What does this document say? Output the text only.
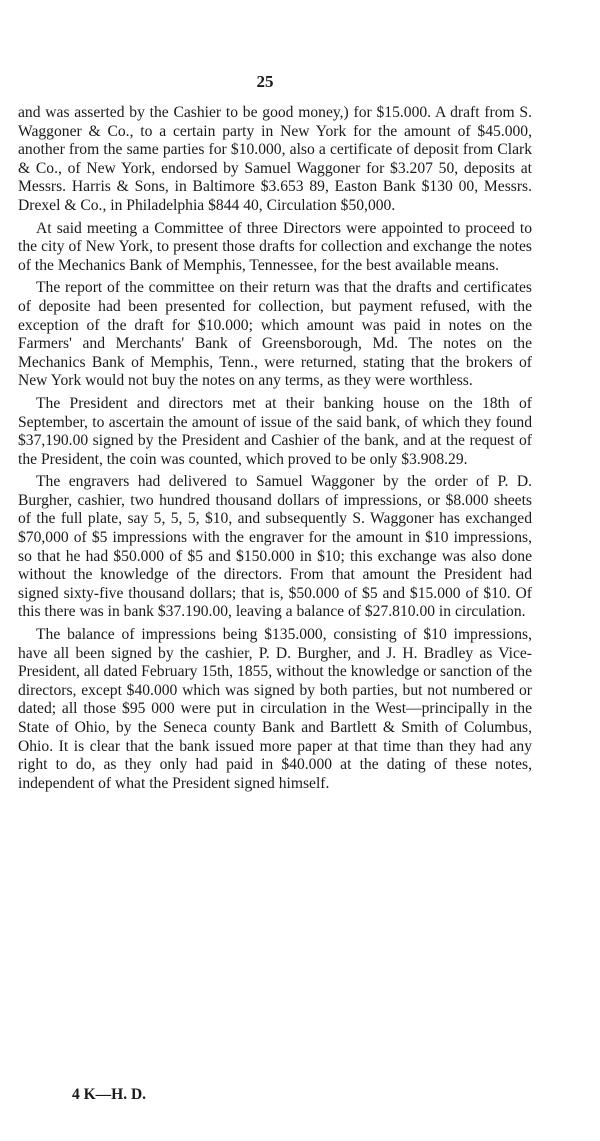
25

and was asserted by the Cashier to be good money,) for $15.000. A draft from S. Waggoner & Co., to a certain party in New York for the amount of $45.000, another from the same parties for $10.000, also a certificate of deposit from Clark & Co., of New York, endorsed by Samuel Waggoner for $3.207 50, deposits at Messrs. Harris & Sons, in Baltimore $3.653 89, Easton Bank $130 00, Messrs. Drexel & Co., in Philadelphia $844 40, Circulation $50,000.

At said meeting a Committee of three Directors were appointed to proceed to the city of New York, to present those drafts for collection and exchange the notes of the Mechanics Bank of Memphis, Tennessee, for the best available means.

The report of the committee on their return was that the drafts and certificates of deposite had been presented for collection, but payment refused, with the exception of the draft for $10.000; which amount was paid in notes on the Farmers' and Merchants' Bank of Greensborough, Md. The notes on the Mechanics Bank of Memphis, Tenn., were returned, stating that the brokers of New York would not buy the notes on any terms, as they were worthless.

The President and directors met at their banking house on the 18th of September, to ascertain the amount of issue of the said bank, of which they found $37,190.00 signed by the President and Cashier of the bank, and at the request of the President, the coin was counted, which proved to be only $3.908.29.

The engravers had delivered to Samuel Waggoner by the order of P. D. Burgher, cashier, two hundred thousand dollars of impressions, or $8.000 sheets of the full plate, say 5, 5, 5, $10, and subsequently S. Waggoner has exchanged $70,000 of $5 impressions with the engraver for the amount in $10 impressions, so that he had $50.000 of $5 and $150.000 in $10; this exchange was also done without the knowledge of the directors. From that amount the President had signed sixty-five thousand dollars; that is, $50.000 of $5 and $15.000 of $10. Of this there was in bank $37.190.00, leaving a balance of $27.810.00 in circulation.

The balance of impressions being $135.000, consisting of $10 impressions, have all been signed by the cashier, P. D. Burgher, and J. H. Bradley as Vice-President, all dated February 15th, 1855, without the knowledge or sanction of the directors, except $40.000 which was signed by both parties, but not numbered or dated; all those $95 000 were put in circulation in the West—principally in the State of Ohio, by the Seneca county Bank and Bartlett & Smith of Columbus, Ohio. It is clear that the bank issued more paper at that time than they had any right to do, as they only had paid in $40.000 at the dating of these notes, independent of what the President signed himself.

4 K—H. D.
